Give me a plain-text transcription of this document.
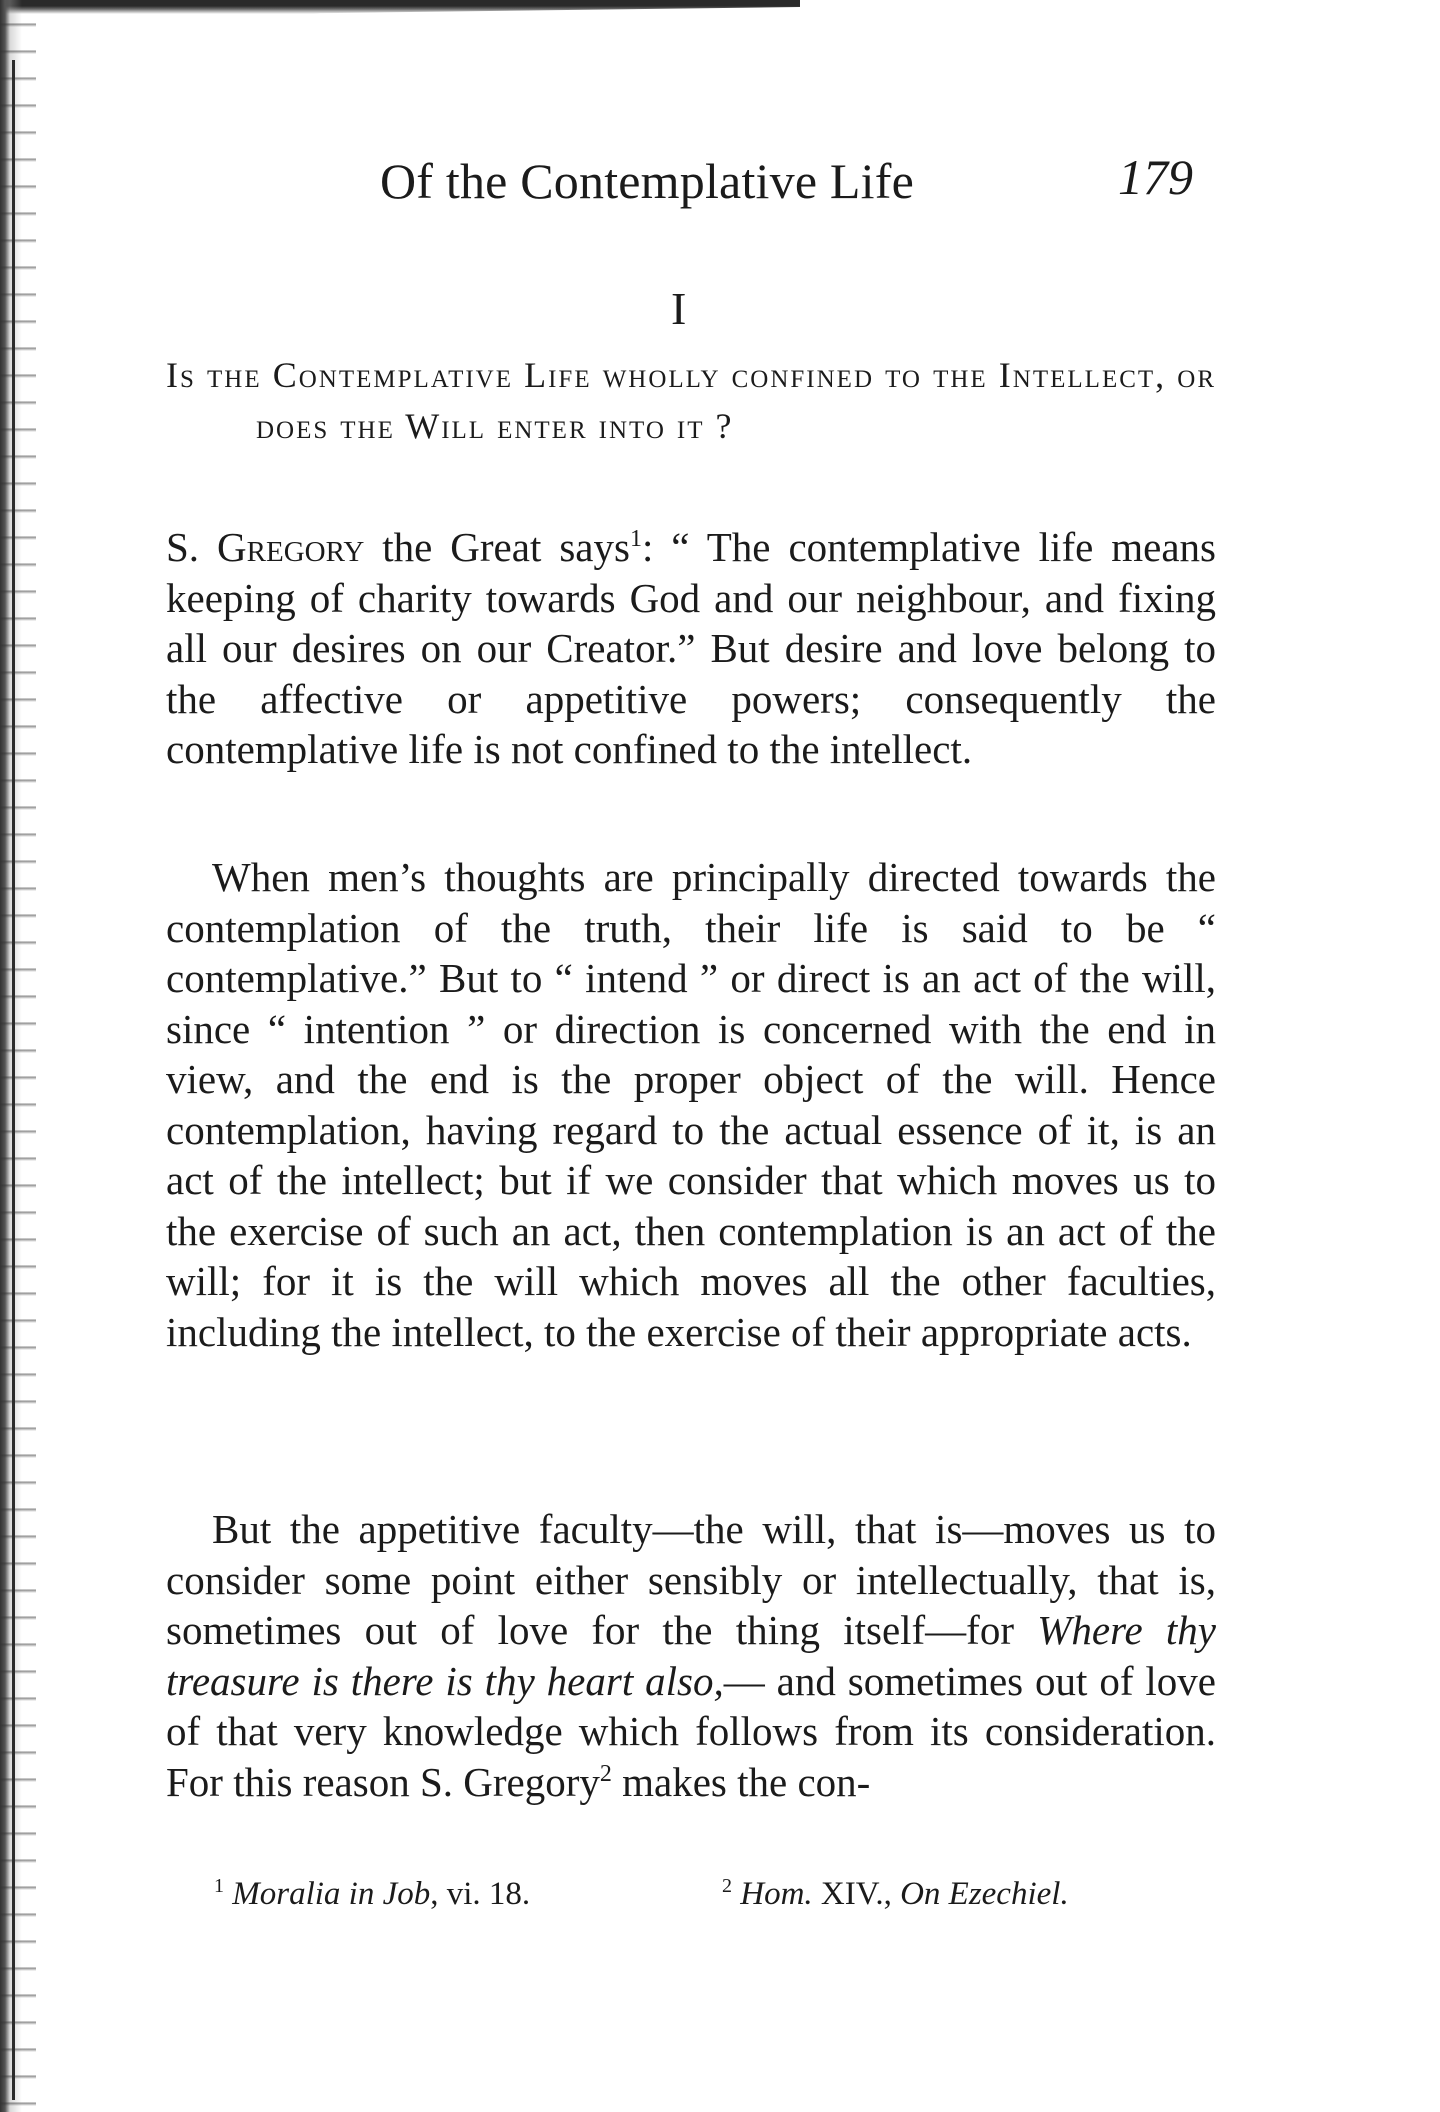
Of the Contemplative Life	179
I
Is the Contemplative Life wholly confined to the Intellect, or does the Will enter into it ?

S. Gregory the Great says$^1$: “ The contemplative life means keeping of charity towards God and our neighbour, and fixing all our desires on our Creator.” But desire and love belong to the affective or appetitive powers; consequently the contemplative life is not confined to the intellect.

When men’s thoughts are principally directed towards the contemplation of the truth, their life is said to be “ contemplative.” But to “ intend ” or direct is an act of the will, since “ intention ” or direction is concerned with the end in view, and the end is the proper object of the will. Hence contemplation, having regard to the actual essence of it, is an act of the intellect; but if we consider that which moves us to the exercise of such an act, then contemplation is an act of the will; for it is the will which moves all the other faculties, including the intellect, to the exercise of their appropriate acts.

But the appetitive faculty—the will, that is—moves us to consider some point either sensibly or intellectually, that is, sometimes out of love for the thing itself—for Where thy treasure is there is thy heart also,— and sometimes out of love of that very knowledge which follows from its consideration. For this reason S. Gregory$^2$ makes the con-

$^1$ Moralia in Job, vi. 18.	$^2$ Hom. XIV., On Ezechiel.
